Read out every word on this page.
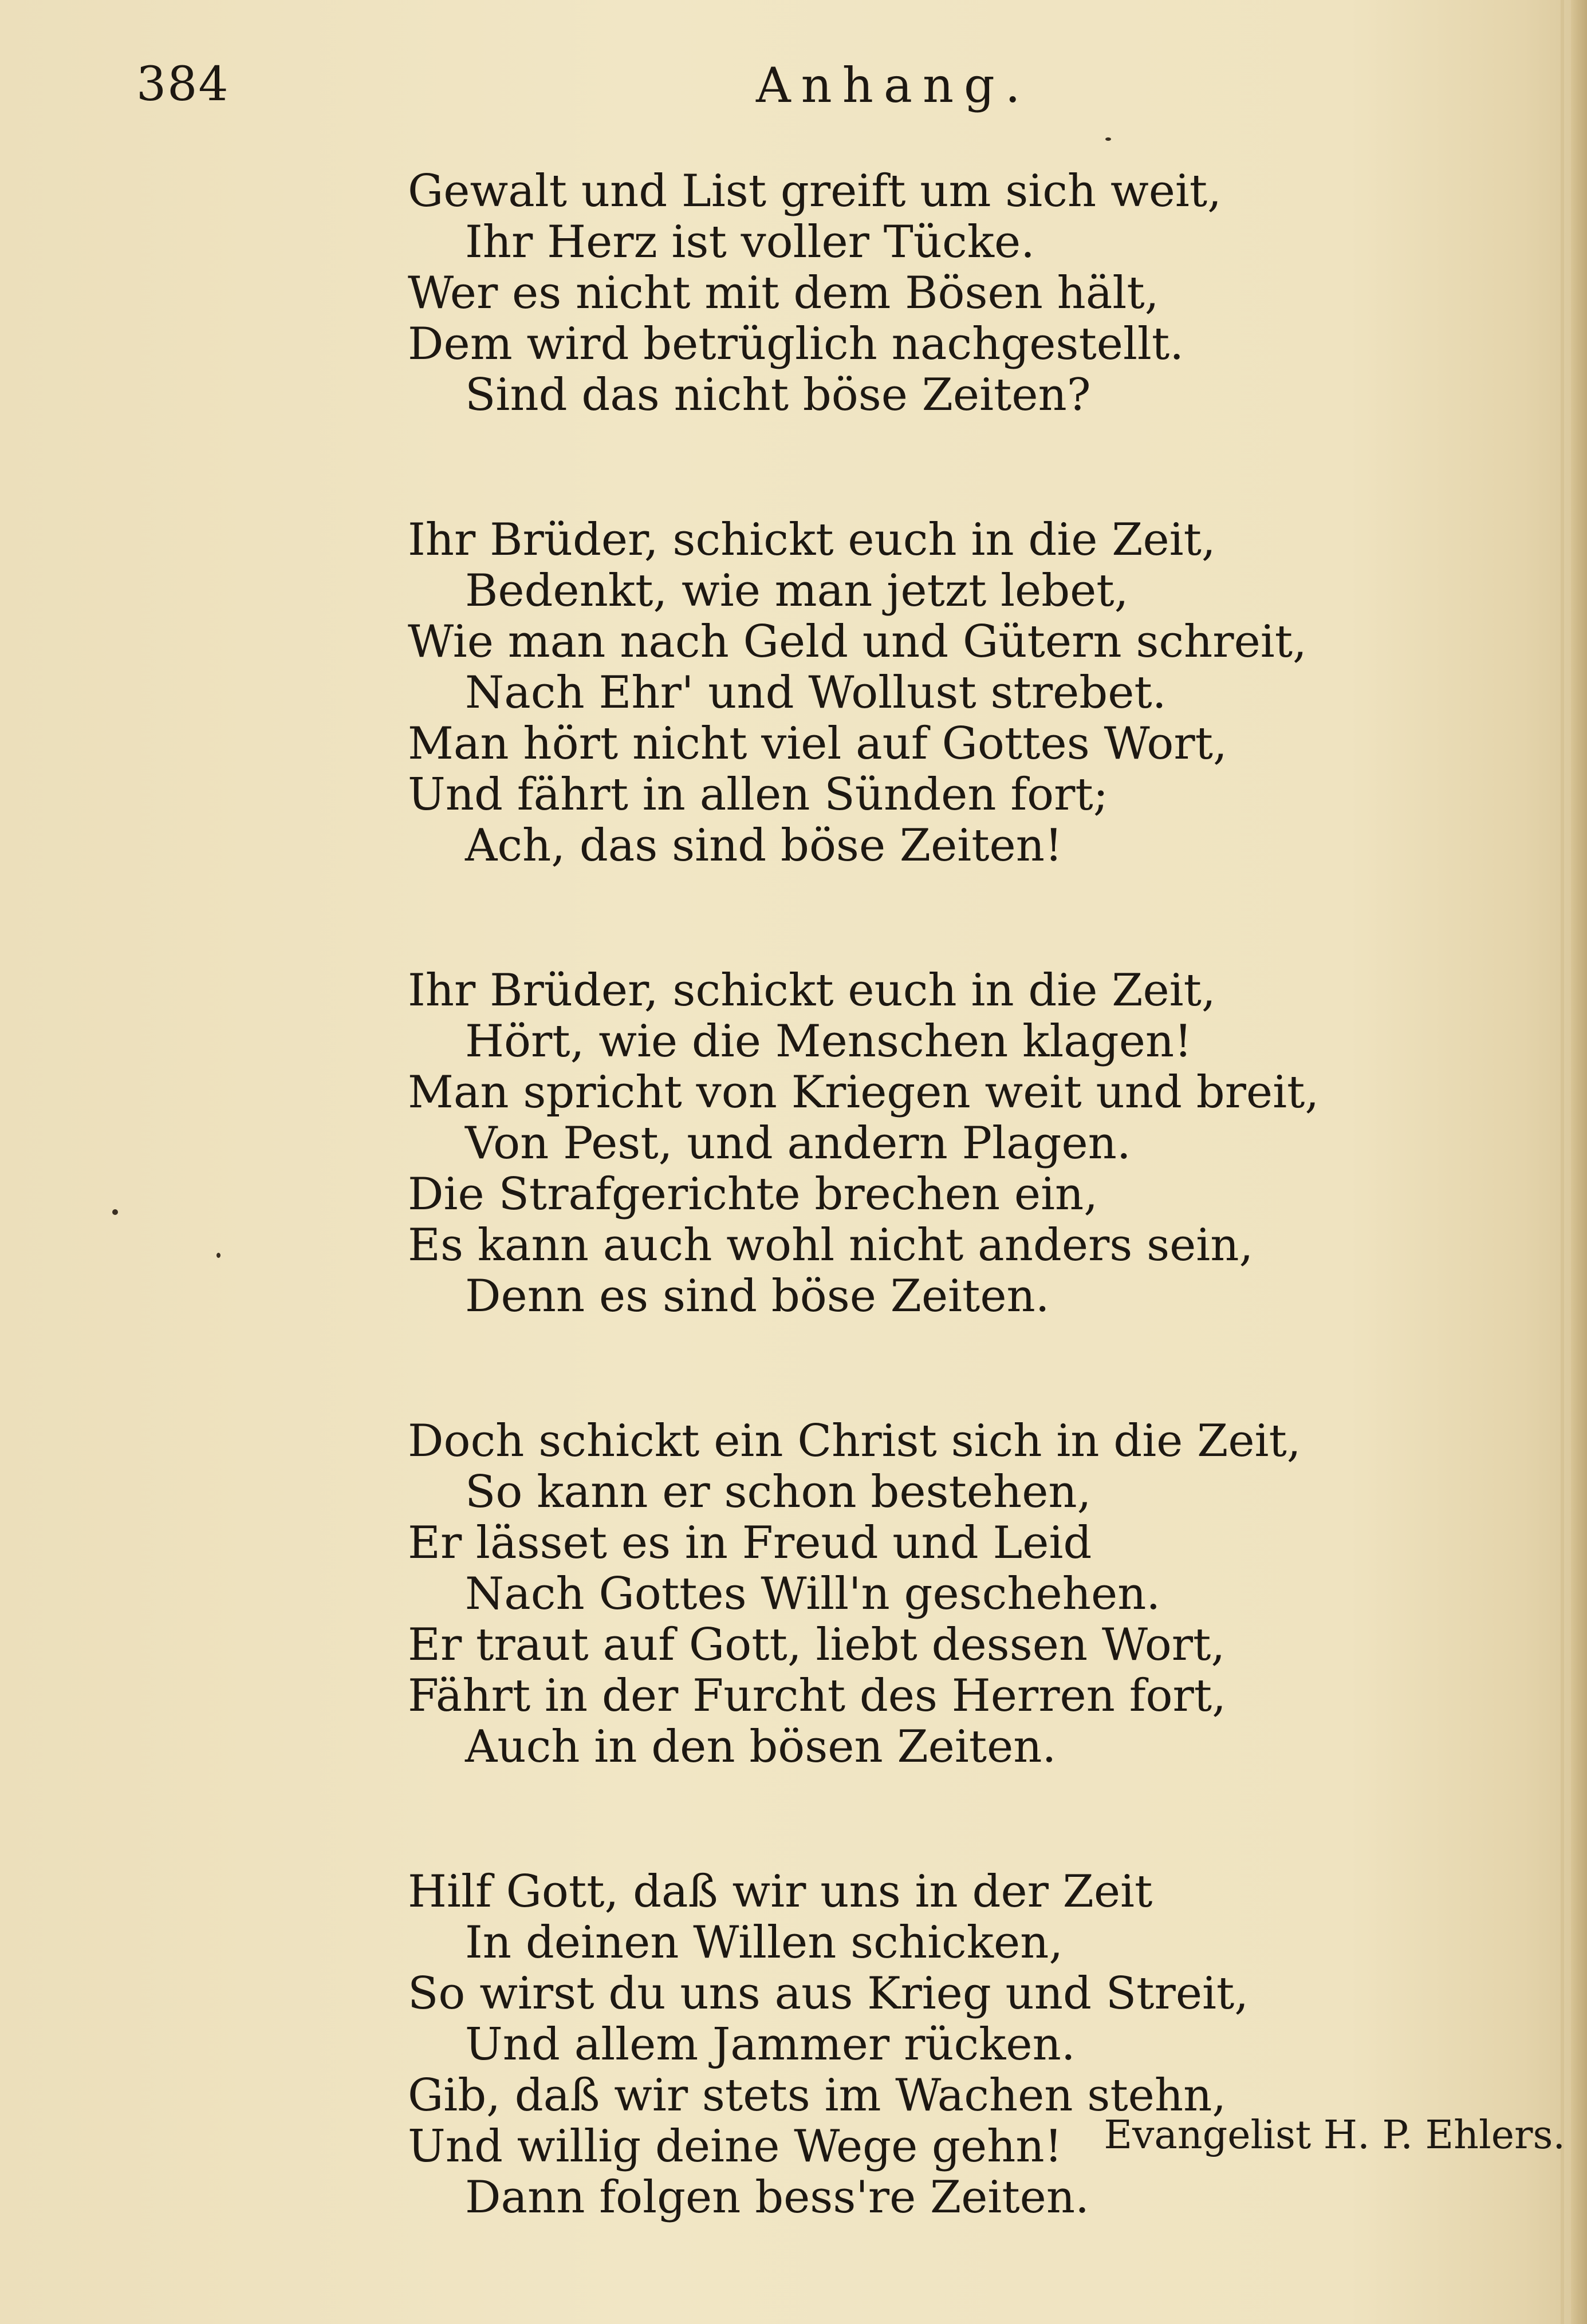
384	Anhang.
Gewalt und List greift um sich weit,
Ihr Herz ist voller Tücke.
Wer es nicht mit dem Bösen hält,
Dem wird betrüglich nachgestellt.
Sind das nicht böse Zeiten?
Ihr Brüder, schickt euch in die Zeit,
Bedenkt, wie man jetzt lebet,
Wie man nach Geld und Gütern schreit,
Nach Ehr' und Wollust strebet.
Man hört nicht viel auf Gottes Wort,
Und fährt in allen Sünden fort;
Ach, das sind böse Zeiten!
Ihr Brüder, schickt euch in die Zeit,
Hört, wie die Menschen klagen!
Man spricht von Kriegen weit und breit,
Von Pest, und andern Plagen.
Die Strafgerichte brechen ein,
Es kann auch wohl nicht anders sein,
Denn es sind böse Zeiten.
Doch schickt ein Christ sich in die Zeit,
So kann er schon bestehen,
Er lässet es in Freud und Leid
Nach Gottes Will'n geschehen.
Er traut auf Gott, liebt dessen Wort,
Fährt in der Furcht des Herren fort,
Auch in den bösen Zeiten.
Hilf Gott, daß wir uns in der Zeit
In deinen Willen schicken,
So wirst du uns aus Krieg und Streit,
Und allem Jammer rücken.
Gib, daß wir stets im Wachen stehn,
Und willig deine Wege gehn!
Dann folgen bess're Zeiten.
Evangelist H. P. Ehlers.
